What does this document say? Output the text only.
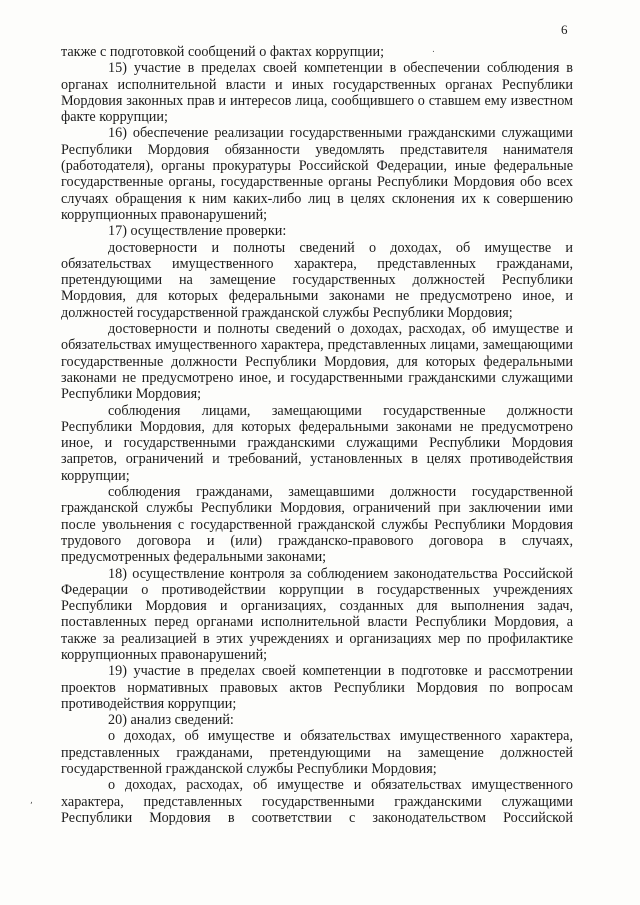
6

также с подготовкой сообщений о фактах коррупции;

15) участие в пределах своей компетенции в обеспечении соблюдения в органах исполнительной власти и иных государственных органах Республики Мордовия законных прав и интересов лица, сообщившего о ставшем ему известном факте коррупции;

16) обеспечение реализации государственными гражданскими служащими Республики Мордовия обязанности уведомлять представителя нанимателя (работодателя), органы прокуратуры Российской Федерации, иные федеральные государственные органы, государственные органы Республики Мордовия обо всех случаях обращения к ним каких-либо лиц в целях склонения их к совершению коррупционных правонарушений;

17) осуществление проверки:

достоверности и полноты сведений о доходах, об имуществе и обязательствах имущественного характера, представленных гражданами, претендующими на замещение государственных должностей Республики Мордовия, для которых федеральными законами не предусмотрено иное, и должностей государственной гражданской службы Республики Мордовия;

достоверности и полноты сведений о доходах, расходах, об имуществе и обязательствах имущественного характера, представленных лицами, замещающими государственные должности Республики Мордовия, для которых федеральными законами не предусмотрено иное, и государственными гражданскими служащими Республики Мордовия;

соблюдения лицами, замещающими государственные должности Республики Мордовия, для которых федеральными законами не предусмотрено иное, и государственными гражданскими служащими Республики Мордовия запретов, ограничений и требований, установленных в целях противодействия коррупции;

соблюдения гражданами, замещавшими должности государственной гражданской службы Республики Мордовия, ограничений при заключении ими после увольнения с государственной гражданской службы Республики Мордовия трудового договора и (или) гражданско-правового договора в случаях, предусмотренных федеральными законами;

18) осуществление контроля за соблюдением законодательства Российской Федерации о противодействии коррупции в государственных учреждениях Республики Мордовия и организациях, созданных для выполнения задач, поставленных перед органами исполнительной власти Республики Мордовия, а также за реализацией в этих учреждениях и организациях мер по профилактике коррупционных правонарушений;

19) участие в пределах своей компетенции в подготовке и рассмотрении проектов нормативных правовых актов Республики Мордовия по вопросам противодействия коррупции;

20) анализ сведений:

о доходах, об имуществе и обязательствах имущественного характера, представленных гражданами, претендующими на замещение должностей государственной гражданской службы Республики Мордовия;

о доходах, расходах, об имуществе и обязательствах имущественного характера, представленных государственными гражданскими служащими Республики Мордовия в соответствии с законодательством Российской

,
.
